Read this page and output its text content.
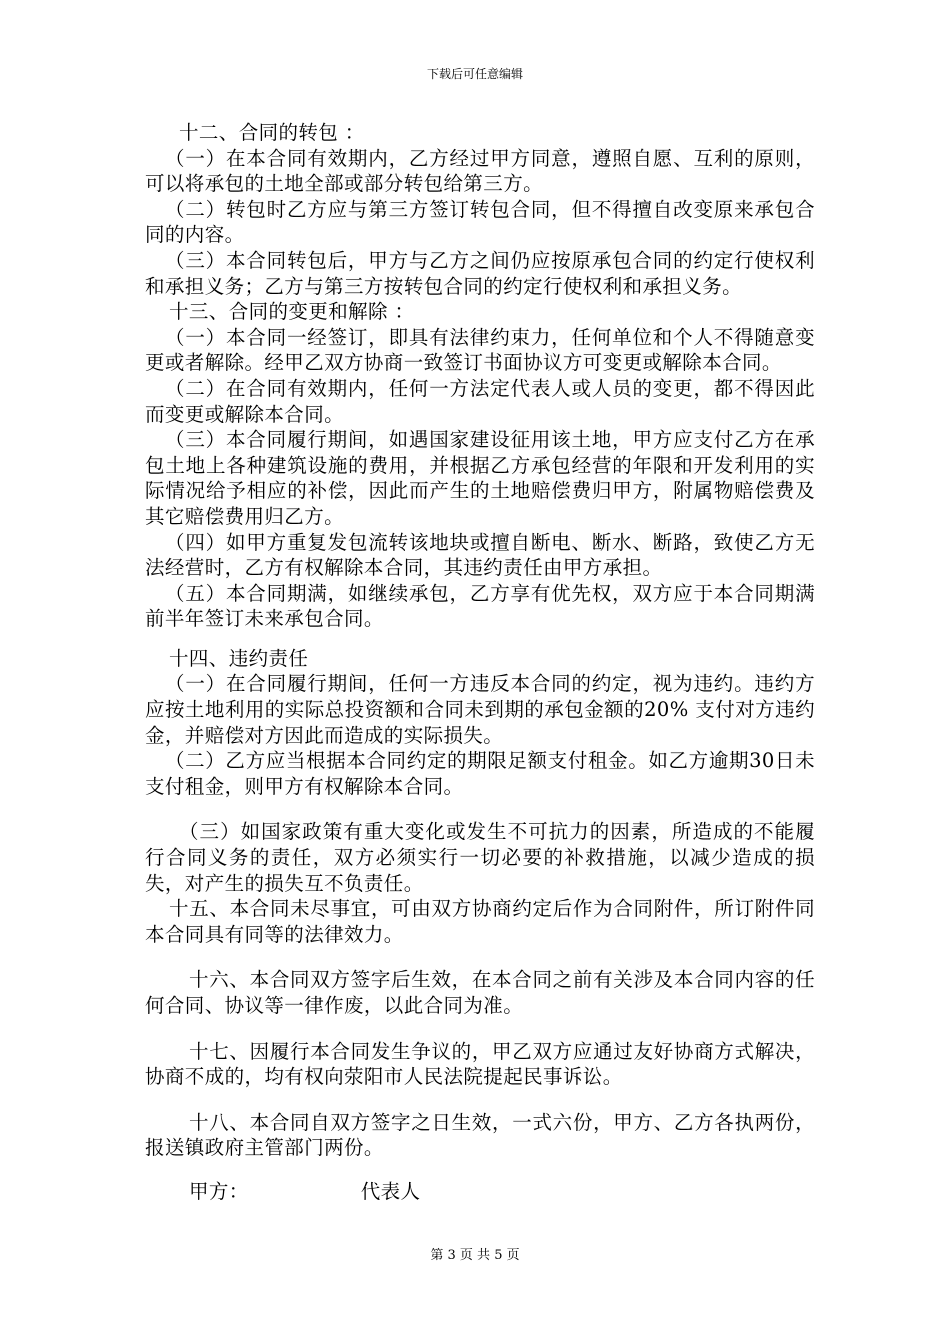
下载后可任意编辑

十二、合同的转包 ：

（一）在本合同有效期内，乙方经过甲方同意，遵照自愿、互利的原则，可以将承包的土地全部或部分转包给第三方。

（二）转包时乙方应与第三方签订转包合同，但不得擅自改变原来承包合同的内容。

（三）本合同转包后，甲方与乙方之间仍应按原承包合同的约定行使权利和承担义务；乙方与第三方按转包合同的约定行使权利和承担义务。

十三、合同的变更和解除 ：

（一）本合同一经签订，即具有法律约束力，任何单位和个人不得随意变更或者解除。经甲乙双方协商一致签订书面协议方可变更或解除本合同。

（二）在合同有效期内，任何一方法定代表人或人员的变更，都不得因此而变更或解除本合同。

（三）本合同履行期间，如遇国家建设征用该土地，甲方应支付乙方在承包土地上各种建筑设施的费用，并根据乙方承包经营的年限和开发利用的实际情况给予相应的补偿，因此而产生的土地赔偿费归甲方，附属物赔偿费及其它赔偿费用归乙方。

（四）如甲方重复发包流转该地块或擅自断电、断水、断路，致使乙方无法经营时，乙方有权解除本合同，其违约责任由甲方承担。

（五）本合同期满，如继续承包，乙方享有优先权，双方应于本合同期满前半年签订未来承包合同。

十四、违约责任

（一）在合同履行期间，任何一方违反本合同的约定，视为违约。违约方应按土地利用的实际总投资额和合同未到期的承包金额的20% 支付对方违约金，并赔偿对方因此而造成的实际损失。

（二）乙方应当根据本合同约定的期限足额支付租金。如乙方逾期30日未支付租金，则甲方有权解除本合同。

（三）如国家政策有重大变化或发生不可抗力的因素，所造成的不能履行合同义务的责任，双方必须实行一切必要的补救措施，以减少造成的损失，对产生的损失互不负责任。

十五、本合同未尽事宜，可由双方协商约定后作为合同附件，所订附件同本合同具有同等的法律效力。

十六、本合同双方签字后生效，在本合同之前有关涉及本合同内容的任何合同、协议等一律作废，以此合同为准。

十七、因履行本合同发生争议的，甲乙双方应通过友好协商方式解决，协商不成的，均有权向荥阳市人民法院提起民事诉讼。

十八、本合同自双方签字之日生效，一式六份，甲方、乙方各执两份，报送镇政府主管部门两份。

甲方：	代表人
第 3 页 共 5 页
